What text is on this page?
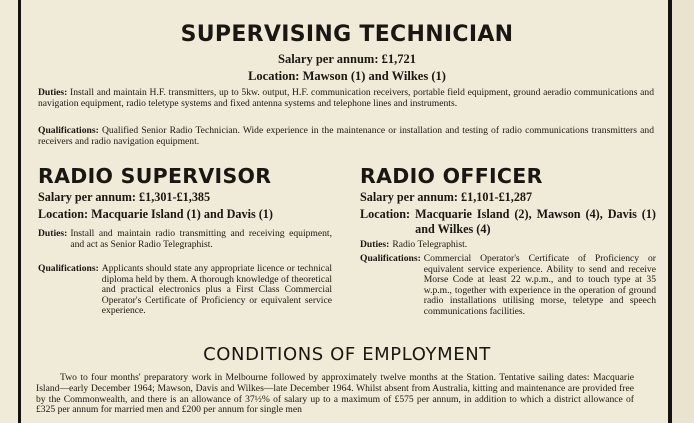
SUPERVISING TECHNICIAN
Salary per annum: £1,721
Location: Mawson (1) and Wilkes (1)
Duties: Install and maintain H.F. transmitters, up to 5kw. output, H.F. communication receivers, portable field equipment, ground aeradio communications and navigation equipment, radio teletype systems and fixed antenna systems and telephone lines and instruments.
Qualifications: Qualified Senior Radio Technician. Wide experience in the maintenance or installation and testing of radio communications transmitters and receivers and radio navigation equipment.
RADIO SUPERVISOR
Salary per annum: £1,301-£1,385
Location: Macquarie Island (1) and Davis (1)
Duties: Install and maintain radio transmitting and receiving equipment, and act as Senior Radio Telegraphist.
Qualifications: Applicants should state any appropriate licence or technical diploma held by them. A thorough knowledge of theoretical and practical electronics plus a First Class Commercial Operator's Certificate of Proficiency or equivalent service experience.
RADIO OFFICER
Salary per annum: £1,101-£1,287
Location: Macquarie Island (2), Mawson (4), Davis (1) and Wilkes (4)
Duties: Radio Telegraphist.
Qualifications: Commercial Operator's Certificate of Proficiency or equivalent service experience. Ability to send and receive Morse Code at least 22 w.p.m., and to touch type at 35 w.p.m., together with experience in the operation of ground radio installations utilising morse, teletype and speech communications facilities.
CONDITIONS OF EMPLOYMENT
Two to four months' preparatory work in Melbourne followed by approximately twelve months at the Station. Tentative sailing dates: Macquarie Island—early December 1964; Mawson, Davis and Wilkes—late December 1964. Whilst absent from Australia, kitting and maintenance are provided free by the Commonwealth, and there is an allowance of 37½% of salary up to a maximum of £575 per annum, in addition to which a district allowance of £325 per annum for married men and £200 per annum for single men
